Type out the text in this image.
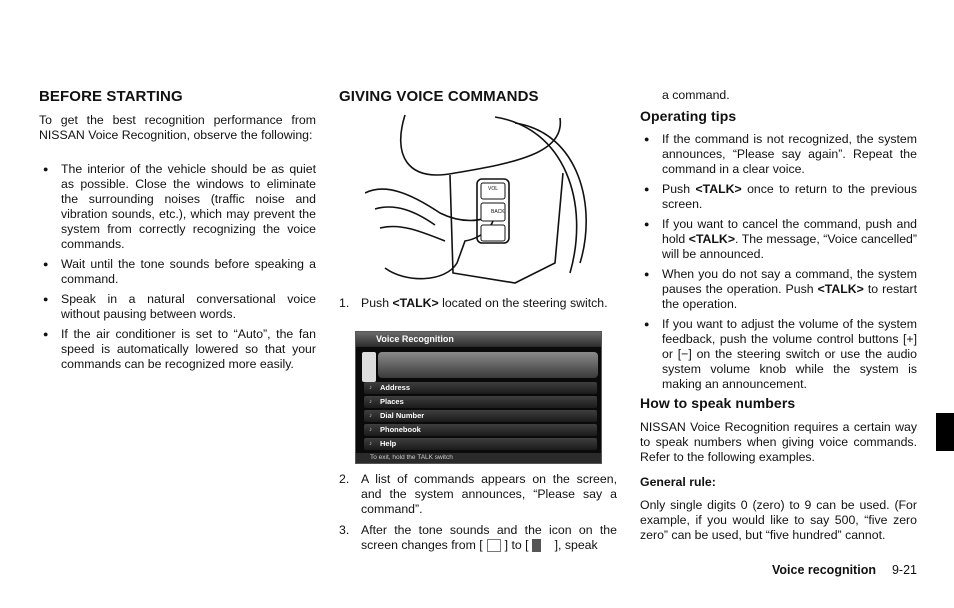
BEFORE STARTING

To get the best recognition performance from NISSAN Voice Recognition, observe the following:

● The interior of the vehicle should be as quiet as possible. Close the windows to eliminate the surrounding noises (traffic noise and vibration sounds, etc.), which may prevent the system from correctly recognizing the voice commands.
● Wait until the tone sounds before speaking a command.
● Speak in a natural conversational voice without pausing between words.
● If the air conditioner is set to “Auto”, the fan speed is automatically lowered so that your commands can be recognized more easily.
GIVING VOICE COMMANDS
VOL
BACK
1. Push <TALK> located on the steering switch.
Voice Recognition
♪ Address
♪ Places
♪ Dial Number
♪ Phonebook
♪ Help
To exit, hold the TALK switch
2. A list of commands appears on the screen, and the system announces, “Please say a command”.
3. After the tone sounds and the icon on the screen changes from [ ] to [ ], speak

a command.

Operating tips
● If the command is not recognized, the system announces, “Please say again”. Repeat the command in a clear voice.
● Push <TALK> once to return to the previous screen.
● If you want to cancel the command, push and hold <TALK>. The message, “Voice cancelled” will be announced.
● When you do not say a command, the system pauses the operation. Push <TALK> to restart the operation.
● If you want to adjust the volume of the system feedback, push the volume control buttons [+] or [−] on the steering switch or use the audio system volume knob while the system is making an announcement.
How to speak numbers

NISSAN Voice Recognition requires a certain way to speak numbers when giving voice commands. Refer to the following examples.

General rule:

Only single digits 0 (zero) to 9 can be used. (For example, if you would like to say 500, “five zero zero” can be used, but “five hundred” cannot.

Voice recognition 9-21
